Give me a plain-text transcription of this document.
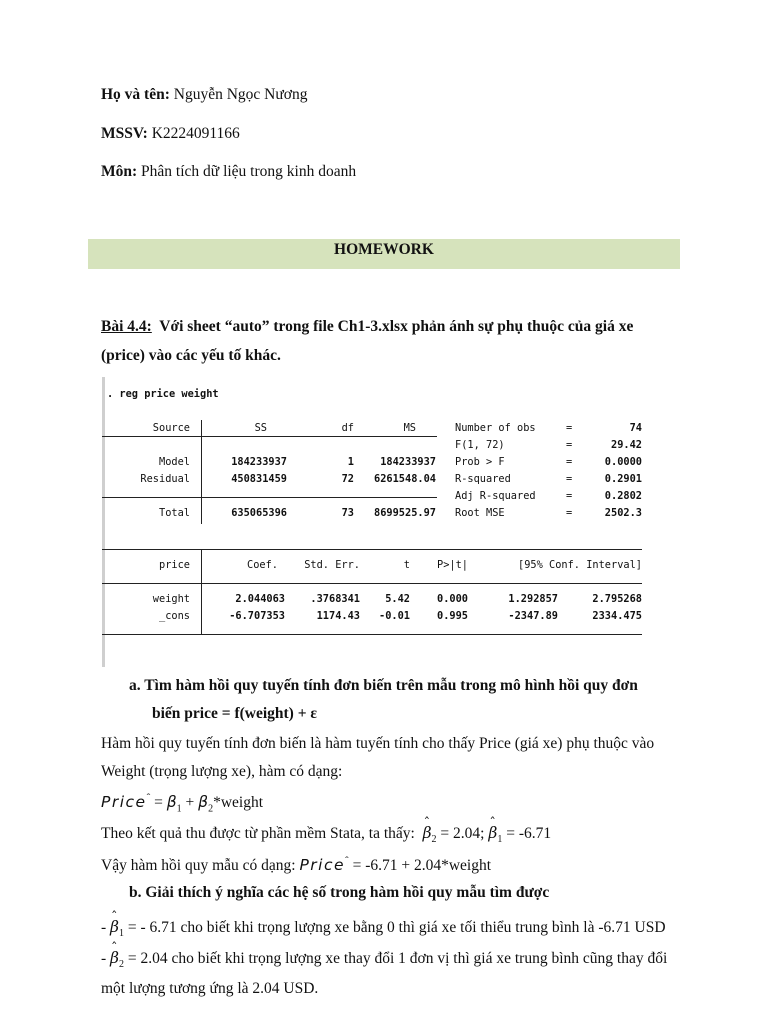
Họ và tên: Nguyễn Ngọc Nương
MSSV: K2224091166
Môn: Phân tích dữ liệu trong kinh doanh
HOMEWORK
Bài 4.4: Với sheet “auto” trong file Ch1-3.xlsx phản ánh sự phụ thuộc của giá xe
(price) vào các yếu tố khác.
. reg price weight
Source	SS	df	MS
Model	184233937	1	184233937
Residual	450831459	72	6261548.04
Total	635065396	73	8699525.97
Number of obs	=	74
F(1, 72)	=	29.42
Prob > F	=	0.0000
R-squared	=	0.2901
Adj R-squared	=	0.2802
Root MSE	=	2502.3
price	Coef.	Std. Err.	t	P>|t|	[95% Conf. Interval]
weight	2.044063	.3768341	5.42	0.000	1.292857	2.795268
_cons	-6.707353	1174.43	-0.01	0.995	-2347.89	2334.475
a. Tìm hàm hồi quy tuyến tính đơn biến trên mẫu trong mô hình hồi quy đơn
biến price = f(weight) + ε
Hàm hồi quy tuyến tính đơn biến là hàm tuyến tính cho thấy Price (giá xe) phụ thuộc vào
Weight (trọng lượng xe), hàm có dạng:
Price$^ˆ$ = $\beta_1$ + $\beta_2*weight$
Theo kết quả thu được từ phần mềm Stata, ta thấy:  ˆ $\beta_2 = 2.04$; ˆ $\beta_1 = -6.71$
Vậy hàm hồi quy mẫu có dạng: Price$^ˆ$ = -6.71 + 2.04*weight
b. Giải thích ý nghĩa các hệ số trong hàm hồi quy mẫu tìm được
- ˆ $\beta_1$ = - 6.71 cho biết khi trọng lượng xe bằng 0 thì giá xe tối thiểu trung bình là -6.71 USD
- ˆ $\beta_2 = 2.04$ cho biết khi trọng lượng xe thay đổi 1 đơn vị thì giá xe trung bình cũng thay đổi
một lượng tương ứng là 2.04 USD.
